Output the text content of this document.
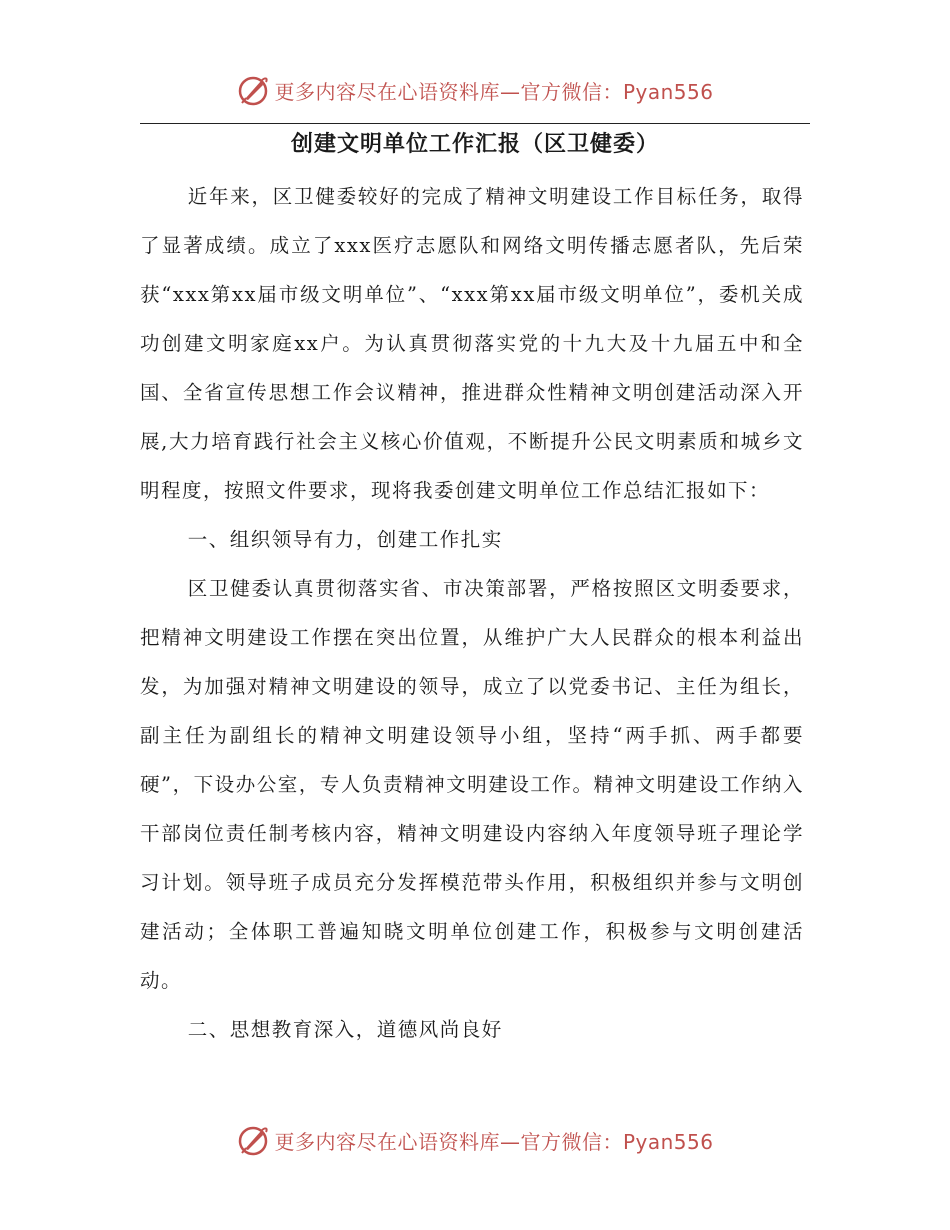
更多内容尽在心语资料库—官方微信：Pyan556
创建文明单位工作汇报（区卫健委）

近年来，区卫健委较好的完成了精神文明建设工作目标任务，取得了显著成绩。成立了xxx医疗志愿队和网络文明传播志愿者队，先后荣获“xxx第xx届市级文明单位”、“xxx第xx届市级文明单位”，委机关成功创建文明家庭xx户。为认真贯彻落实党的十九大及十九届五中和全国、全省宣传思想工作会议精神，推进群众性精神文明创建活动深入开展,大力培育践行社会主义核心价值观，不断提升公民文明素质和城乡文明程度，按照文件要求，现将我委创建文明单位工作总结汇报如下：

一、组织领导有力，创建工作扎实

区卫健委认真贯彻落实省、市决策部署，严格按照区文明委要求，把精神文明建设工作摆在突出位置，从维护广大人民群众的根本利益出发，为加强对精神文明建设的领导，成立了以党委书记、主任为组长，副主任为副组长的精神文明建设领导小组，坚持“两手抓、两手都要硬”，下设办公室，专人负责精神文明建设工作。精神文明建设工作纳入干部岗位责任制考核内容，精神文明建设内容纳入年度领导班子理论学习计划。领导班子成员充分发挥模范带头作用，积极组织并参与文明创建活动；全体职工普遍知晓文明单位创建工作，积极参与文明创建活动。

二、思想教育深入，道德风尚良好

更多内容尽在心语资料库—官方微信：Pyan556
